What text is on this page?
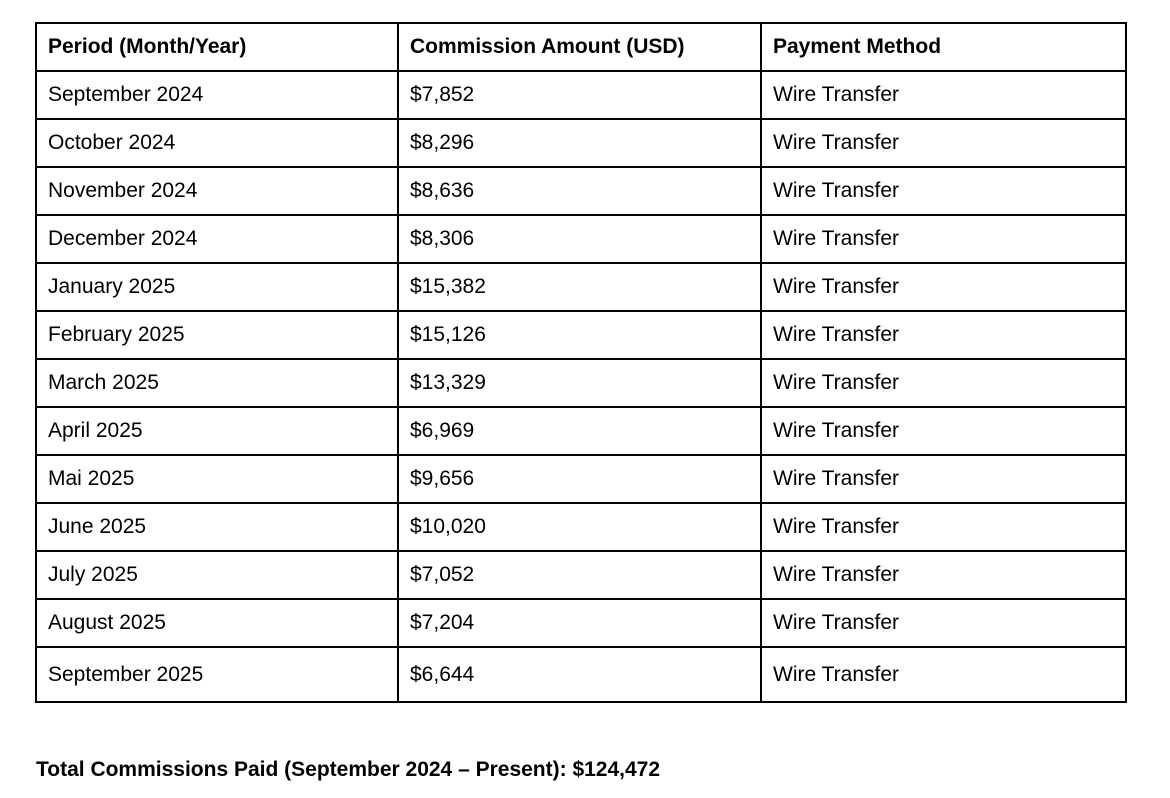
Period (Month/Year)	Commission Amount (USD)	Payment Method
September 2024	$7,852	Wire Transfer
October 2024	$8,296	Wire Transfer
November 2024	$8,636	Wire Transfer
December 2024	$8,306	Wire Transfer
January 2025	$15,382	Wire Transfer
February 2025	$15,126	Wire Transfer
March 2025	$13,329	Wire Transfer
April 2025	$6,969	Wire Transfer
Mai 2025	$9,656	Wire Transfer
June 2025	$10,020	Wire Transfer
July 2025	$7,052	Wire Transfer
August 2025	$7,204	Wire Transfer
September 2025	$6,644	Wire Transfer
Total Commissions Paid (September 2024 – Present): $124,472
